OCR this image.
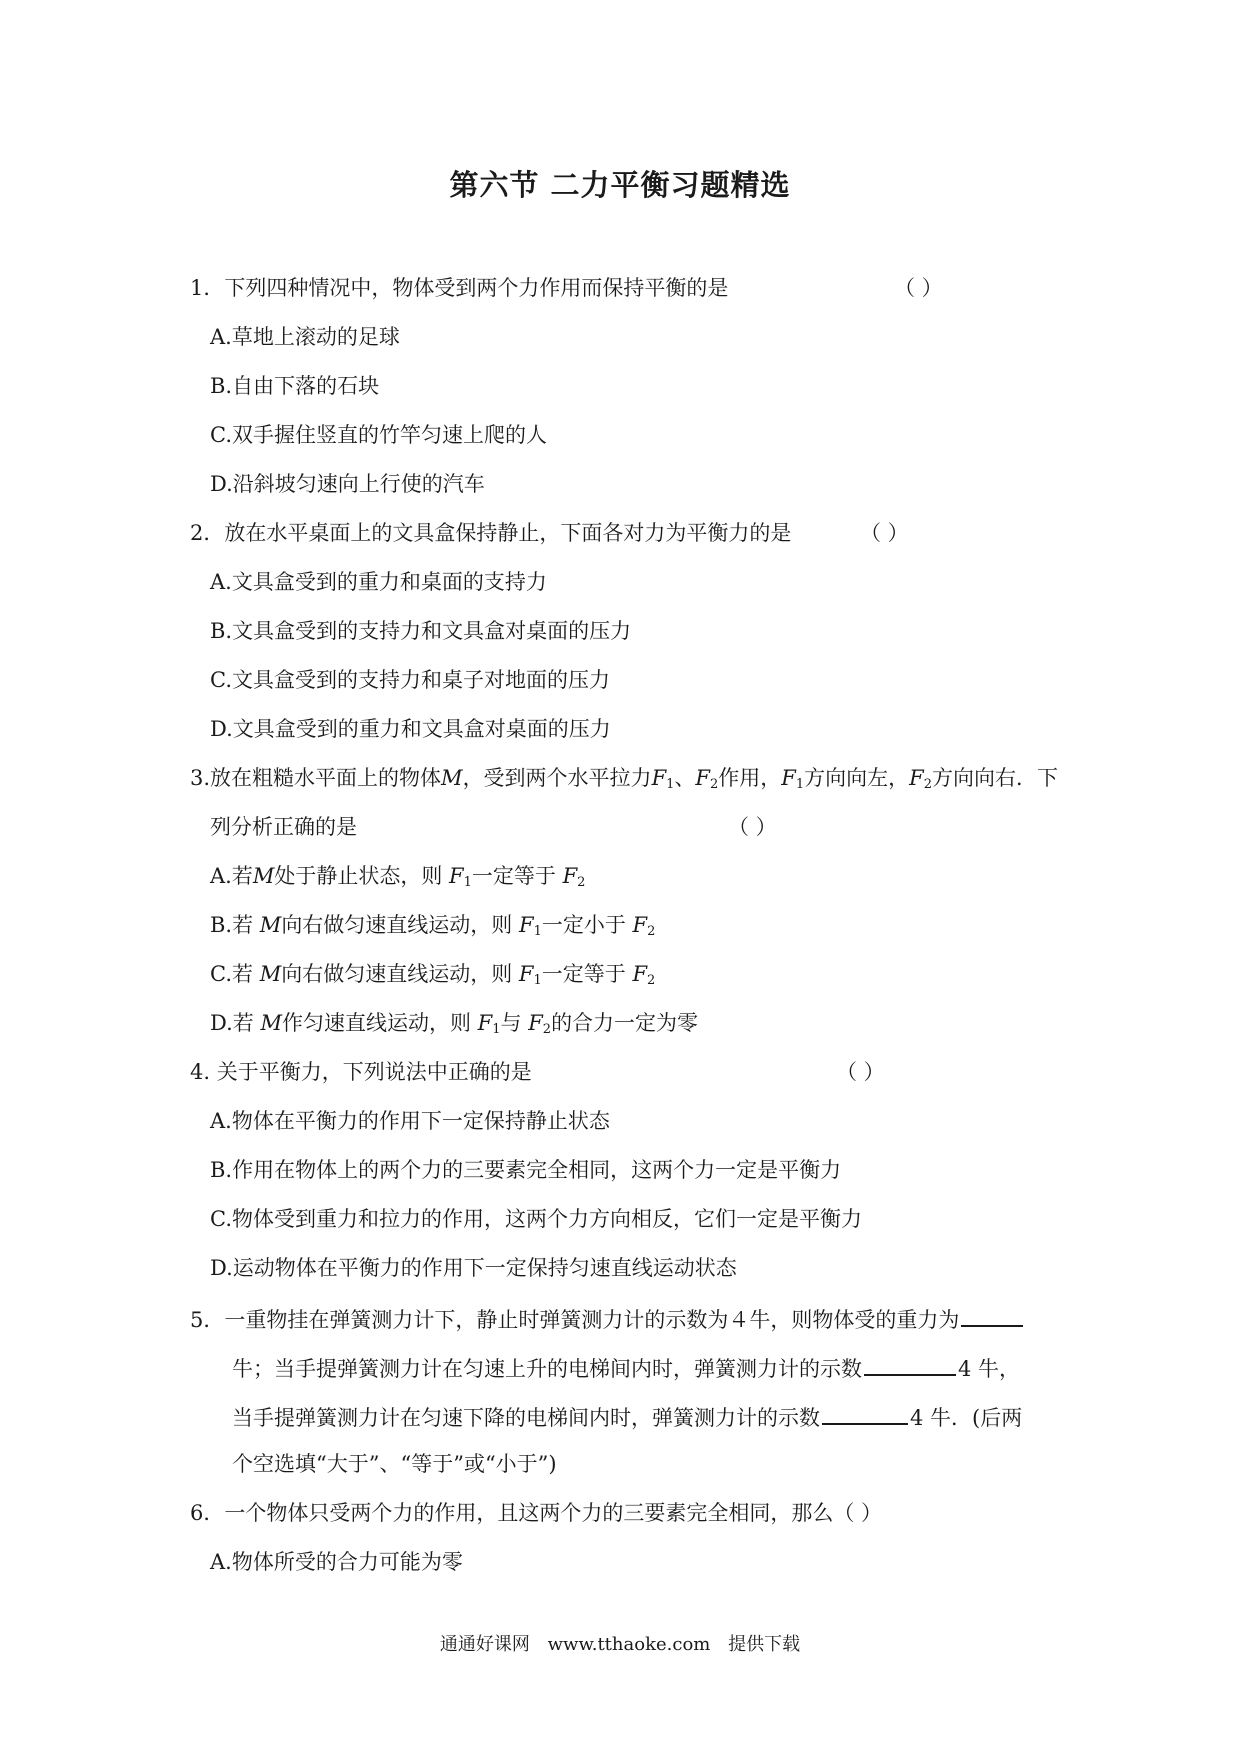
第六节 二力平衡习题精选
1．下列四种情况中，物体受到两个力作用而保持平衡的是	（ ）
A.草地上滚动的足球
B.自由下落的石块
C.双手握住竖直的竹竿匀速上爬的人
D.沿斜坡匀速向上行使的汽车
2．放在水平桌面上的文具盒保持静止，下面各对力为平衡力的是	（ ）
A.文具盒受到的重力和桌面的支持力
B.文具盒受到的支持力和文具盒对桌面的压力
C.文具盒受到的支持力和桌子对地面的压力
D.文具盒受到的重力和文具盒对桌面的压力
3.放在粗糙水平面上的物体M，受到两个水平拉力$F_1$、$F_2$作用，$F_1$方向向左，$F_2$方向向右．下
列分析正确的是	（ ）
A.若M处于静止状态，则 $F_1$一定等于 $F_2$
B.若 M向右做匀速直线运动，则 $F_1$一定小于 $F_2$
C.若 M向右做匀速直线运动，则 $F_1$一定等于 $F_2$
D.若 M作匀速直线运动，则 $F_1$与 $F_2$的合力一定为零
4. 关于平衡力，下列说法中正确的是	（ ）
A.物体在平衡力的作用下一定保持静止状态
B.作用在物体上的两个力的三要素完全相同，这两个力一定是平衡力
C.物体受到重力和拉力的作用，这两个力方向相反，它们一定是平衡力
D.运动物体在平衡力的作用下一定保持匀速直线运动状态
5．一重物挂在弹簧测力计下，静止时弹簧测力计的示数为４牛，则物体受的重力为
牛；当手提弹簧测力计在匀速上升的电梯间内时，弹簧测力计的示数	4 牛，
当手提弹簧测力计在匀速下降的电梯间内时，弹簧测力计的示数	4 牛．(后两
个空选填“大于”、“等于”或“小于”)
6．一个物体只受两个力的作用，且这两个力的三要素完全相同，那么（ ）
A.物体所受的合力可能为零
通通好课网 www.tthaoke.com 提供下载
